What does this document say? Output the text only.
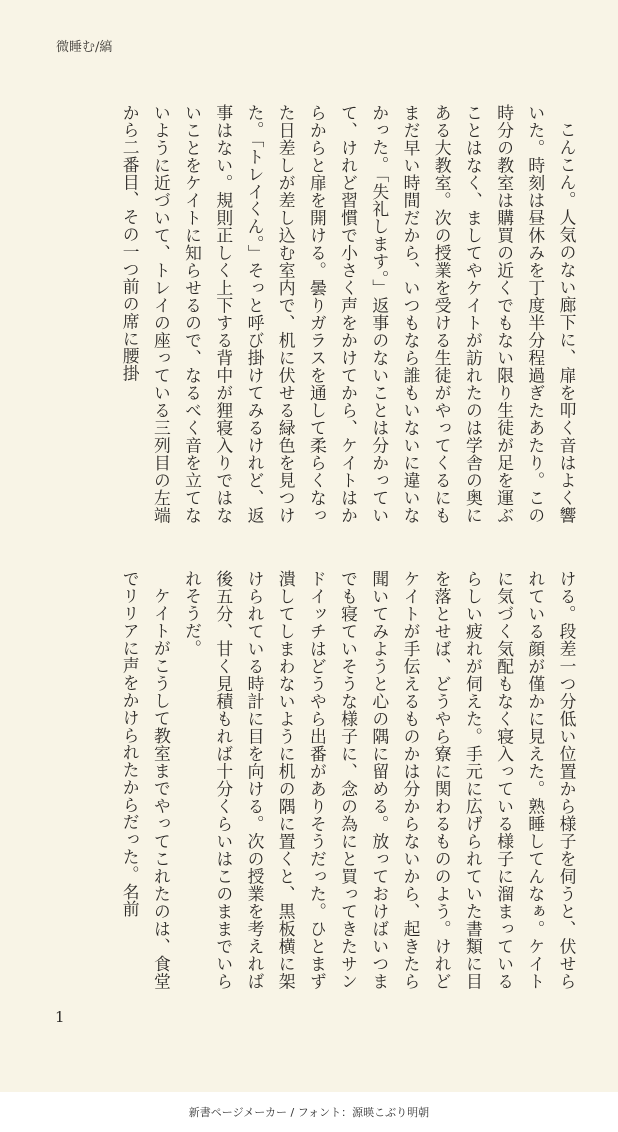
微睡む/縞

こんこん。人気のない廊下に、扉を叩く音はよく響いた。時刻は昼休みを丁度半分程過ぎたあたり。この時分の教室は購買の近くでもない限り生徒が足を運ぶことはなく、ましてやケイトが訪れたのは学舎の奥にある大教室。次の授業を受ける生徒がやってくるにもまだ早い時間だから、いつもなら誰もいないに違いなかった。「失礼します。」返事のないことは分かっていて、けれど習慣で小さく声をかけてから、ケイトはからからと扉を開ける。曇りガラスを通して柔らくなった日差しが差し込む室内で、机に伏せる緑色を見つけた。「トレイくん。」そっと呼び掛けてみるけれど、返事はない。規則正しく上下する背中が狸寝入りではないことをケイトに知らせるので、なるべく音を立てないように近づいて、トレイの座っている三列目の左端から二番目、その一つ前の席に腰掛

ける。段差一つ分低い位置から様子を伺うと、伏せられている顔が僅かに見えた。熟睡してんなぁ。ケイトに気づく気配もなく寝入っている様子に溜まっているらしい疲れが伺えた。手元に広げられていた書類に目を落とせば、どうやら寮に関わるもののよう。けれどケイトが手伝えるものかは分からないから、起きたら聞いてみようと心の隅に留める。放っておけばいつまでも寝ていそうな様子に、念の為にと買ってきたサンドイッチはどうやら出番がありそうだった。ひとまず潰してしまわないように机の隅に置くと、黒板横に架けられている時計に目を向ける。次の授業を考えれば後五分、甘く見積もれば十分くらいはこのままでいられそうだ。

ケイトがこうして教室までやってこれたのは、食堂でリリアに声をかけられたからだった。名前

1
新書ページメーカー / フォント：源暎こぶり明朝
